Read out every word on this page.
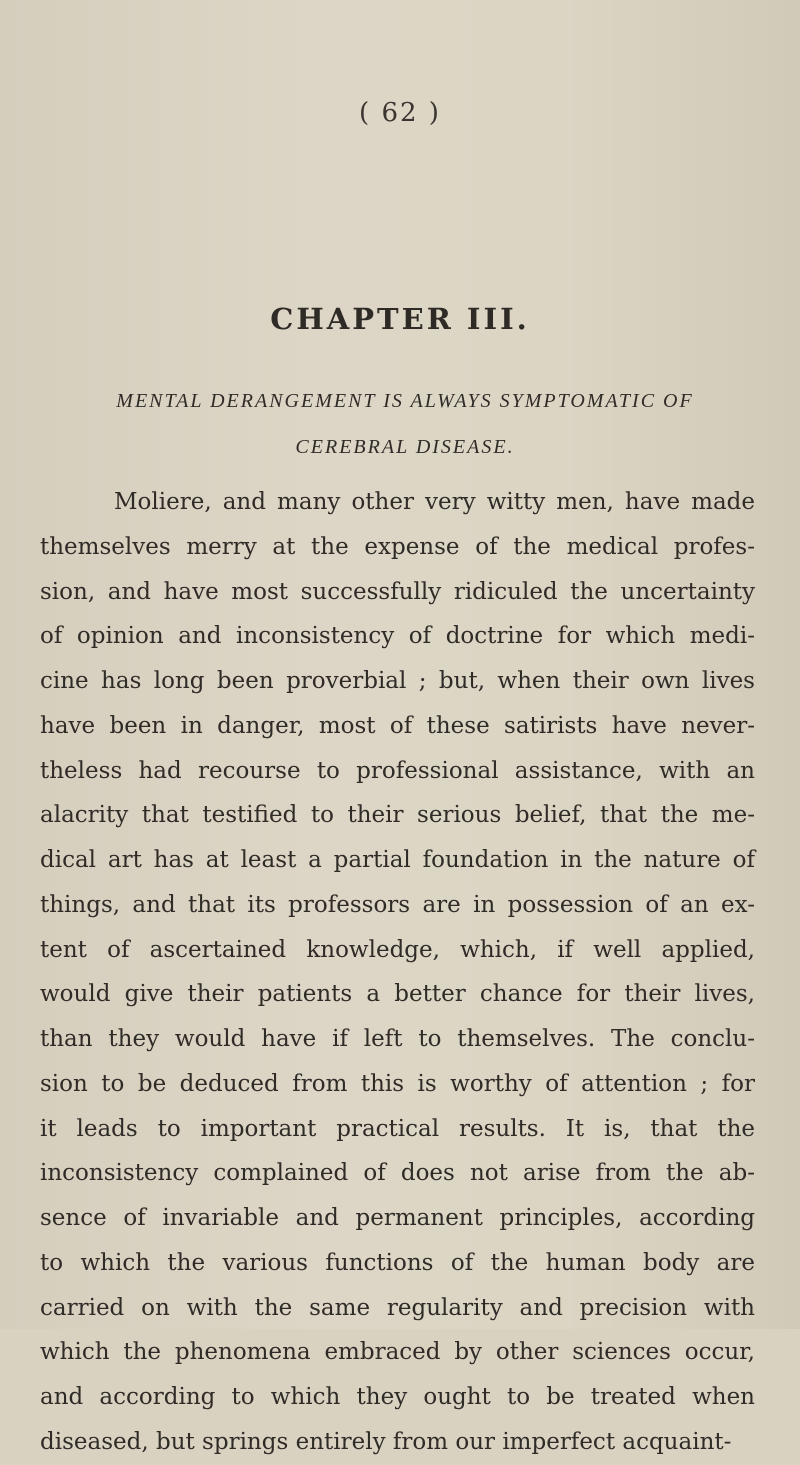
( 62 )
CHAPTER III.
MENTAL DERANGEMENT IS ALWAYS SYMPTOMATIC OF
CEREBRAL DISEASE.
Moliere, and many other very witty men, have made
themselves merry at the expense of the medical profes-
sion, and have most successfully ridiculed the uncertainty
of opinion and inconsistency of doctrine for which medi-
cine has long been proverbial ; but, when their own lives
have been in danger, most of these satirists have never-
theless had recourse to professional assistance, with an
alacrity that testified to their serious belief, that the me-
dical art has at least a partial foundation in the nature of
things, and that its professors are in possession of an ex-
tent of ascertained knowledge, which, if well applied,
would give their patients a better chance for their lives,
than they would have if left to themselves. The conclu-
sion to be deduced from this is worthy of attention ; for
it leads to important practical results. It is, that the
inconsistency complained of does not arise from the ab-
sence of invariable and permanent principles, according
to which the various functions of the human body are
carried on with the same regularity and precision with
which the phenomena embraced by other sciences occur,
and according to which they ought to be treated when
diseased, but springs entirely from our imperfect acquaint-
